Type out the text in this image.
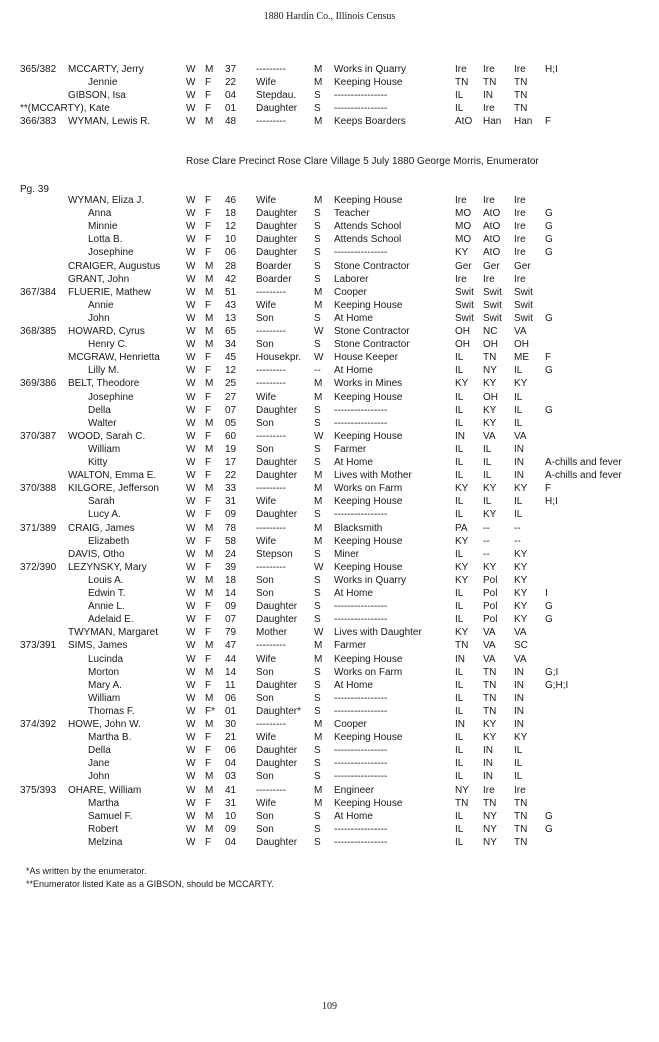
1880 Hardin Co., Illinois Census
365/382 MCCARTY, Jerry	W M 37 ---------	M Works in Quarry	Ire Ire Ire H;I
Jennie	W F 22 Wife	M Keeping House	TN TN TN
GIBSON, Isa	W F 04 Stepdau. S ----------------	IL IN TN
**(MCCARTY), Kate	W F 01 Daughter S ----------------	IL Ire TN
366/383 WYMAN, Lewis R.	W M 48 ---------	M Keeps Boarders	AtO Han Han F
Rose Clare Precinct Rose Clare Village 5 July 1880 George Morris, Enumerator
Pg. 39
WYMAN, Eliza J.	W F 46 Wife	M Keeping House	Ire Ire Ire
Anna	W F 18 Daughter S Teacher	MO AtO Ire G
Minnie	W F 12 Daughter S Attends School	MO AtO Ire G
Lotta B.	W F 10 Daughter S Attends School	MO AtO Ire G
Josephine	W F 06 Daughter S ----------------	KY AtO Ire G
CRAIGER, Augustus	W M 28 Boarder S Stone Contractor	Ger Ger Ger
GRANT, John	W M 42 Boarder S Laborer	Ire Ire Ire
367/384 FLUERIE, Mathew	W M 51 ---------	M Cooper	Swit Swit Swit
Annie	W F 43 Wife	M Keeping House	Swit Swit Swit
John	W M 13 Son	S At Home	Swit Swit Swit G
368/385 HOWARD, Cyrus	W M 65 ---------	W Stone Contractor	OH NC VA
Henry C.	W M 34 Son	S Stone Contractor	OH OH OH
MCGRAW, Henrietta	W F 45 Housekpr. W House Keeper	IL TN ME F
Lilly M.	W F 12 ---------	-- At Home	IL NY IL G
369/386 BELT, Theodore	W M 25 ---------	M Works in Mines	KY KY KY
Josephine	W F 27 Wife	M Keeping House	IL OH IL
Della	W F 07 Daughter S ----------------	IL KY IL G
Walter	W M 05 Son	S ----------------	IL KY IL
370/387 WOOD, Sarah C.	W F 60 ---------	W Keeping House	IN VA VA
William	W M 19 Son	S Farmer	IL IL IN
Kitty	W F 17 Daughter S At Home	IL IL IN A-chills and fever
WALTON, Emma E.	W F 22 Daughter M Lives with Mother	IL IL IN A-chills and fever
370/388 KILGORE, Jefferson	W M 33 ---------	M Works on Farm	KY KY KY F
Sarah	W F 31 Wife	M Keeping House	IL IL IL H;I
Lucy A.	W F 09 Daughter S ----------------	IL KY IL
371/389 CRAIG, James	W M 78 ---------	M Blacksmith	PA -- --
Elizabeth	W F 58 Wife	M Keeping House	KY -- --
DAVIS, Otho	W M 24 Stepson S Miner	IL -- KY
372/390 LEZYNSKY, Mary	W F 39 ---------	W Keeping House	KY KY KY
Louis A.	W M 18 Son	S Works in Quarry	KY Pol KY
Edwin T.	W M 14 Son	S At Home	IL Pol KY I
Annie L.	W F 09 Daughter S ----------------	IL Pol KY G
Adelaid E.	W F 07 Daughter S ----------------	IL Pol KY G
TWYMAN, Margaret	W F 79 Mother	W Lives with Daughter	KY VA VA
373/391 SIMS, James	W M 47 ---------	M Farmer	TN VA SC
Lucinda	W F 44 Wife	M Keeping House	IN VA VA
Morton	W M 14 Son	S Works on Farm	IL TN IN G;I
Mary A.	W F 11 Daughter S At Home	IL TN IN G;H;I
William	W M 06 Son	S ----------------	IL TN IN
Thomas F.	W F* 01 Daughter* S ----------------	IL TN IN
374/392 HOWE, John W.	W M 30 ---------	M Cooper	IN KY IN
Martha B.	W F 21 Wife	M Keeping House	IL KY KY
Della	W F 06 Daughter S ----------------	IL IN IL
Jane	W F 04 Daughter S ----------------	IL IN IL
John	W M 03 Son	S ----------------	IL IN IL
375/393 OHARE, William	W M 41 ---------	M Engineer	NY Ire Ire
Martha	W F 31 Wife	M Keeping House	TN TN TN
Samuel F.	W M 10 Son	S At Home	IL NY TN G
Robert	W M 09 Son	S ----------------	IL NY TN G
Melzina	W F 04 Daughter S ----------------	IL NY TN
*As written by the enumerator.
**Enumerator listed Kate as a GIBSON, should be MCCARTY.
109
